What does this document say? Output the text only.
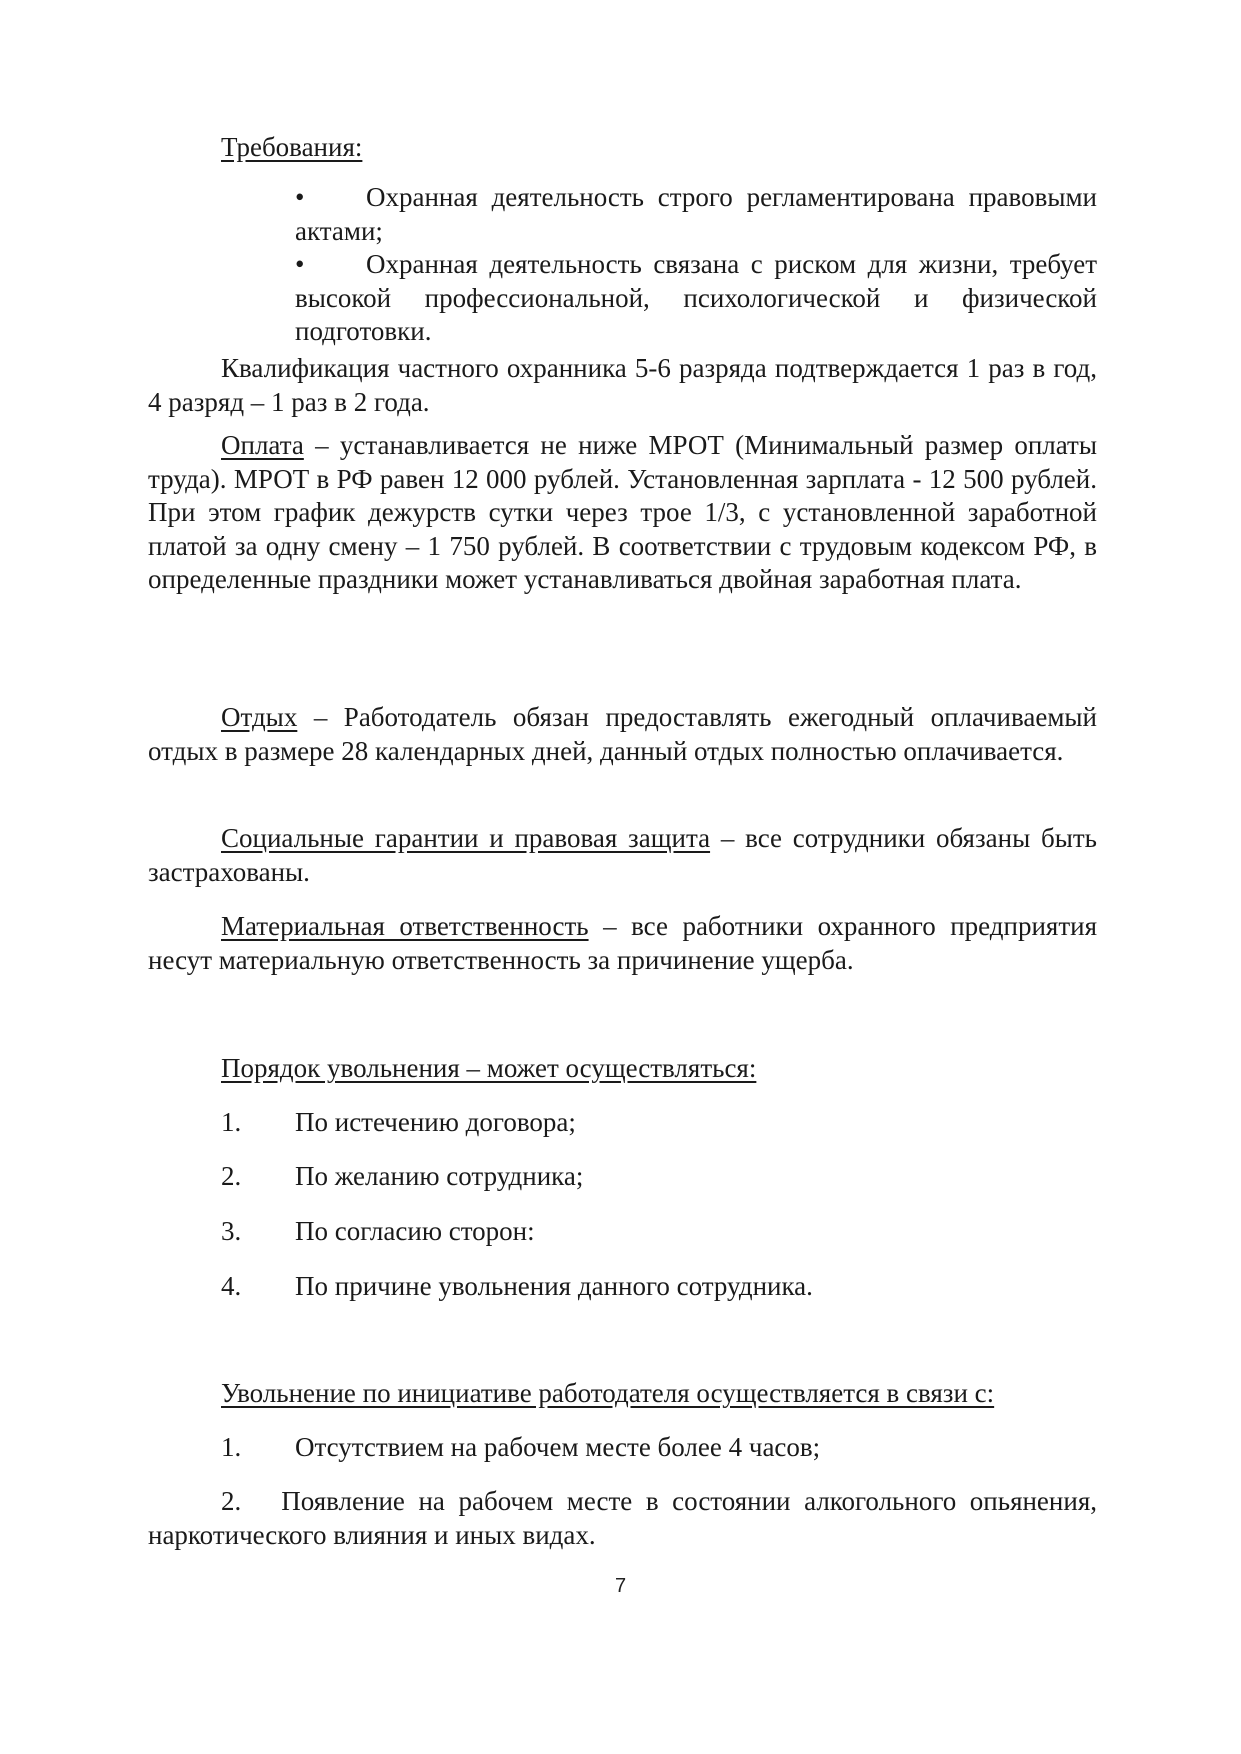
Требования:
• Охранная деятельность строго регламентирована правовыми актами;
• Охранная деятельность связана с риском для жизни, требует высокой профессиональной, психологической и физической подготовки.
Квалификация частного охранника 5-6 разряда подтверждается 1 раз в год, 4 разряд – 1 раз в 2 года.
Оплата – устанавливается не ниже МРОТ (Минимальный размер оплаты труда). МРОТ в РФ равен 12 000 рублей. Установленная зарплата - 12 500 рублей. При этом график дежурств сутки через трое 1/3, с установленной заработной платой за одну смену – 1 750 рублей. В соответствии с трудовым кодексом РФ, в определенные праздники может устанавливаться двойная заработная плата.
Отдых – Работодатель обязан предоставлять ежегодный оплачиваемый отдых в размере 28 календарных дней, данный отдых полностью оплачивается.
Социальные гарантии и правовая защита – все сотрудники обязаны быть застрахованы.
Материальная ответственность – все работники охранного предприятия несут материальную ответственность за причинение ущерба.
Порядок увольнения – может осуществляться:
1. По истечению договора;
2. По желанию сотрудника;
3. По согласию сторон:
4. По причине увольнения данного сотрудника.
Увольнение по инициативе работодателя осуществляется в связи с:
1. Отсутствием на рабочем месте более 4 часов;
2. Появление на рабочем месте в состоянии алкогольного опьянения, наркотического влияния и иных видах.
7
